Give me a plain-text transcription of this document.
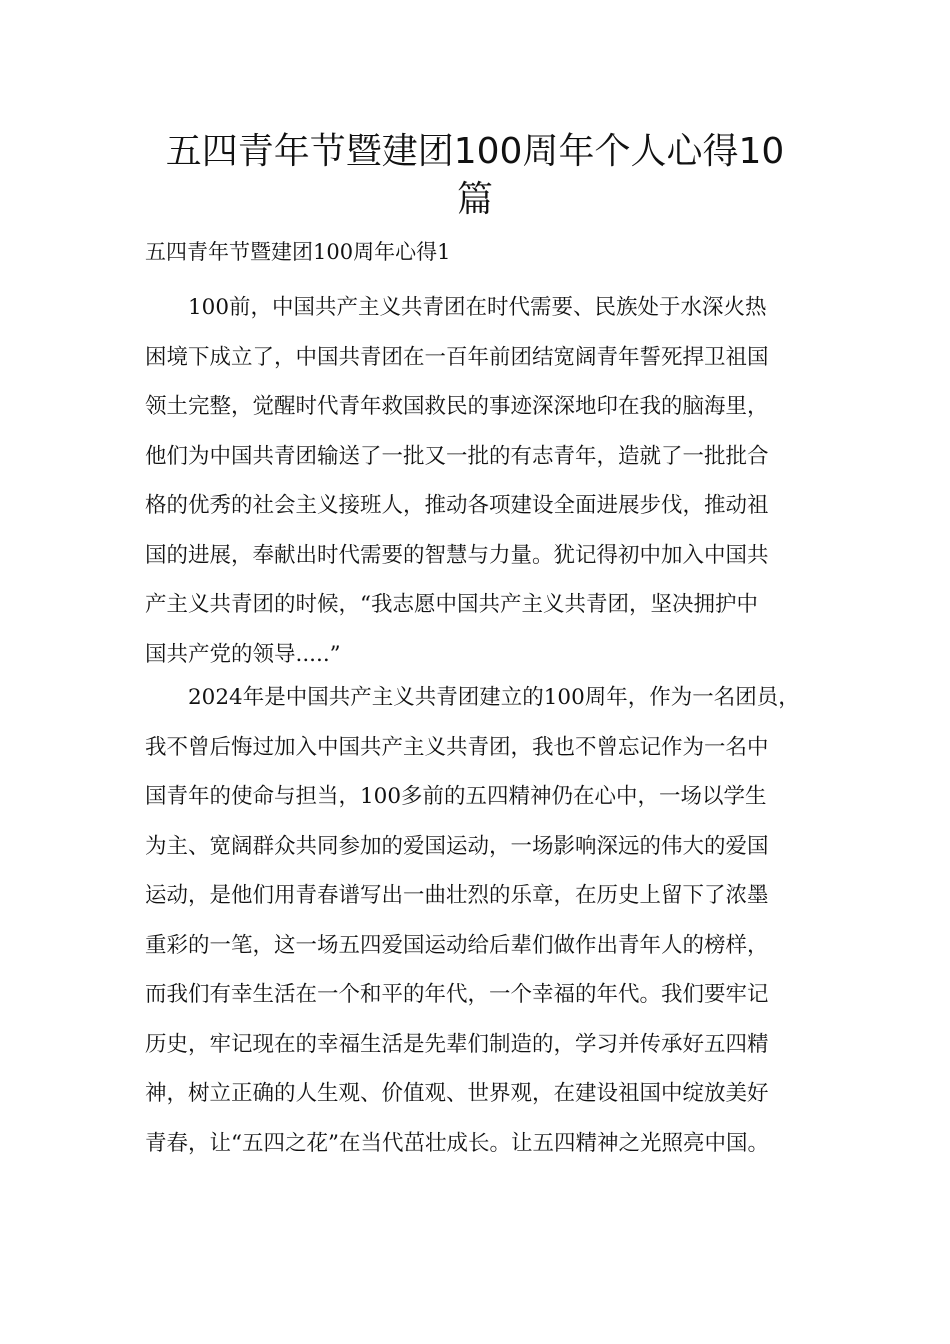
五四青年节暨建团100周年个人心得10
篇

五四青年节暨建团100周年心得1

　　100前，中国共产主义共青团在时代需要、民族处于水深火热
困境下成立了，中国共青团在一百年前团结宽阔青年誓死捍卫祖国
领土完整，觉醒时代青年救国救民的事迹深深地印在我的脑海里，
他们为中国共青团输送了一批又一批的有志青年，造就了一批批合
格的优秀的社会主义接班人，推动各项建设全面进展步伐，推动祖
国的进展，奉献出时代需要的智慧与力量。犹记得初中加入中国共
产主义共青团的时候，“我志愿中国共产主义共青团，坚决拥护中
国共产党的领导.....”
　　2024年是中国共产主义共青团建立的100周年，作为一名团员，
我不曾后悔过加入中国共产主义共青团，我也不曾忘记作为一名中
国青年的使命与担当，100多前的五四精神仍在心中，一场以学生
为主、宽阔群众共同参加的爱国运动，一场影响深远的伟大的爱国
运动，是他们用青春谱写出一曲壮烈的乐章，在历史上留下了浓墨
重彩的一笔，这一场五四爱国运动给后辈们做作出青年人的榜样，
而我们有幸生活在一个和平的年代，一个幸福的年代。我们要牢记
历史，牢记现在的幸福生活是先辈们制造的，学习并传承好五四精
神，树立正确的人生观、价值观、世界观，在建设祖国中绽放美好
青春，让“五四之花”在当代茁壮成长。让五四精神之光照亮中国。
